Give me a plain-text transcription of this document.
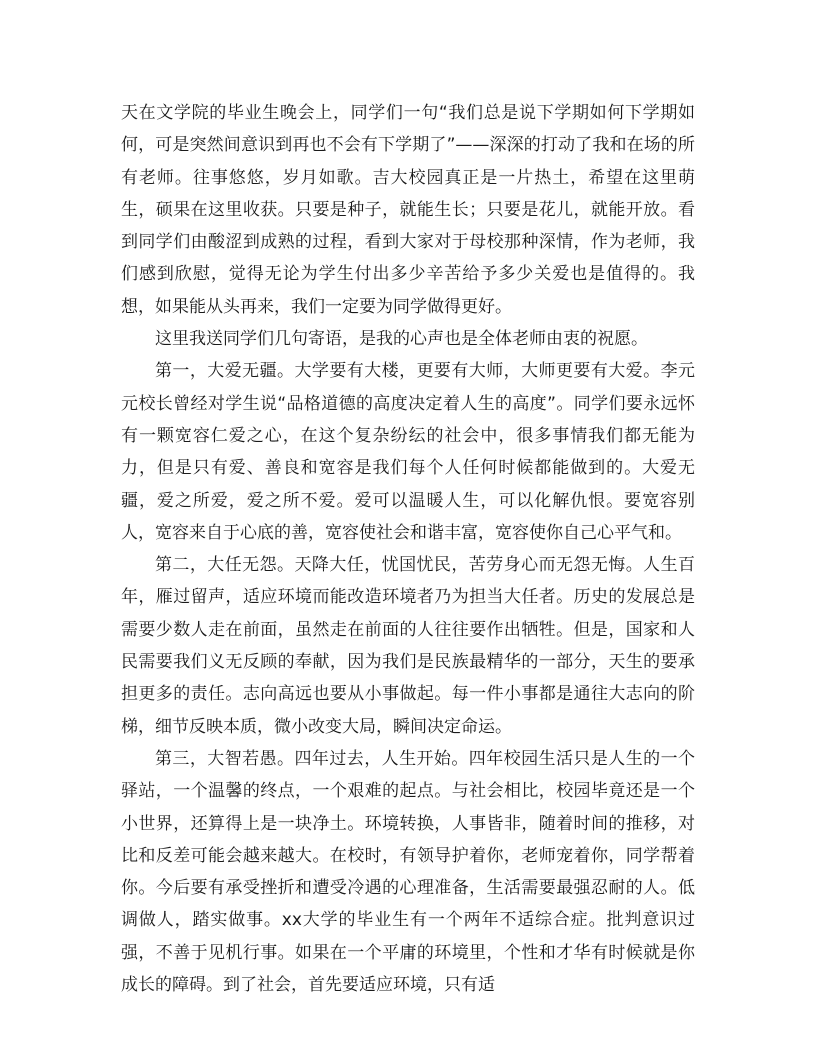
天在文学院的毕业生晚会上，同学们一句“我们总是说下学期如何下学期如何，可是突然间意识到再也不会有下学期了”——深深的打动了我和在场的所有老师。往事悠悠，岁月如歌。吉大校园真正是一片热土，希望在这里萌生，硕果在这里收获。只要是种子，就能生长；只要是花儿，就能开放。看到同学们由酸涩到成熟的过程，看到大家对于母校那种深情，作为老师，我们感到欣慰，觉得无论为学生付出多少辛苦给予多少关爱也是值得的。我想，如果能从头再来，我们一定要为同学做得更好。

这里我送同学们几句寄语，是我的心声也是全体老师由衷的祝愿。

第一，大爱无疆。大学要有大楼，更要有大师，大师更要有大爱。李元元校长曾经对学生说“品格道德的高度决定着人生的高度”。同学们要永远怀有一颗宽容仁爱之心，在这个复杂纷纭的社会中，很多事情我们都无能为力，但是只有爱、善良和宽容是我们每个人任何时候都能做到的。大爱无疆，爱之所爱，爱之所不爱。爱可以温暖人生，可以化解仇恨。要宽容别人，宽容来自于心底的善，宽容使社会和谐丰富，宽容使你自己心平气和。

第二，大任无怨。天降大任，忧国忧民，苦劳身心而无怨无悔。人生百年，雁过留声，适应环境而能改造环境者乃为担当大任者。历史的发展总是需要少数人走在前面，虽然走在前面的人往往要作出牺牲。但是，国家和人民需要我们义无反顾的奉献，因为我们是民族最精华的一部分，天生的要承担更多的责任。志向高远也要从小事做起。每一件小事都是通往大志向的阶梯，细节反映本质，微小改变大局，瞬间决定命运。

第三，大智若愚。四年过去，人生开始。四年校园生活只是人生的一个驿站，一个温馨的终点，一个艰难的起点。与社会相比，校园毕竟还是一个小世界，还算得上是一块净土。环境转换，人事皆非，随着时间的推移，对比和反差可能会越来越大。在校时，有领导护着你，老师宠着你，同学帮着你。今后要有承受挫折和遭受冷遇的心理准备，生活需要最强忍耐的人。低调做人，踏实做事。xx大学的毕业生有一个两年不适综合症。批判意识过强，不善于见机行事。如果在一个平庸的环境里，个性和才华有时候就是你成长的障碍。到了社会，首先要适应环境，只有适
